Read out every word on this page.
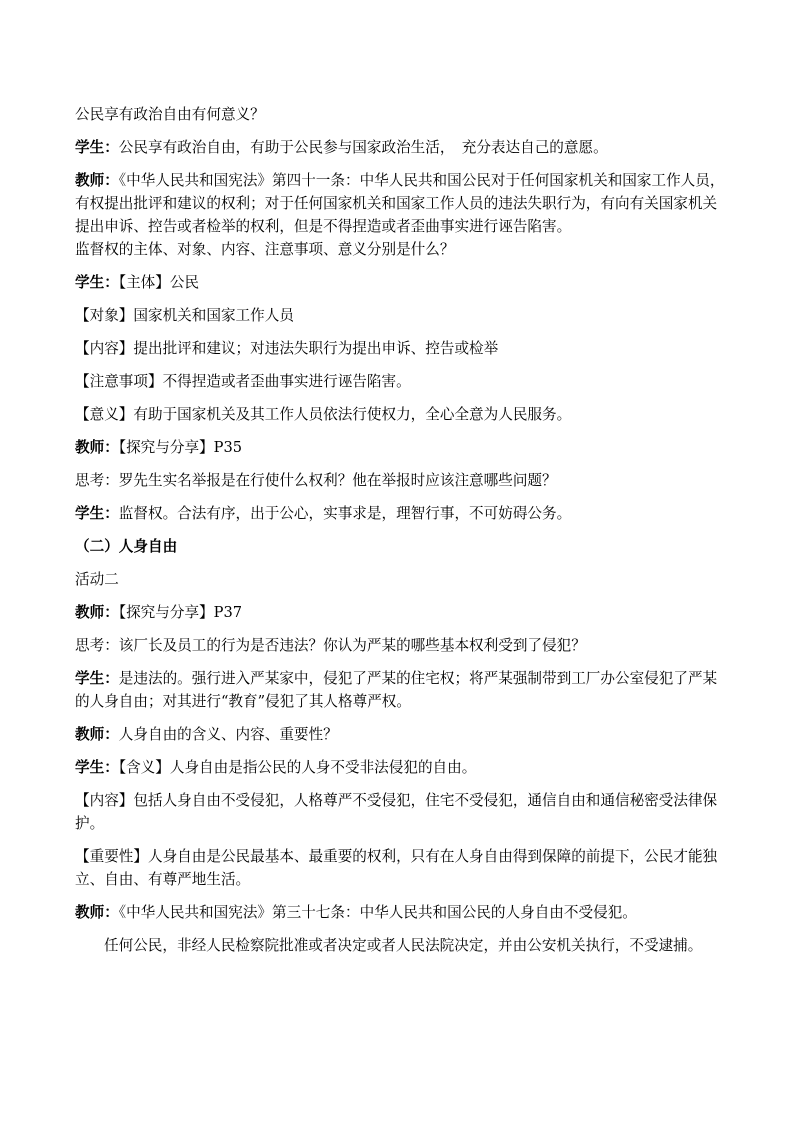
公民享有政治自由有何意义？

学生：公民享有政治自由，有助于公民参与国家政治生活，　充分表达自己的意愿。

教师：《中华人民共和国宪法》第四十一条：中华人民共和国公民对于任何国家机关和国家工作人员，有权提出批评和建议的权利；对于任何国家机关和国家工作人员的违法失职行为，有向有关国家机关提出申诉、控告或者检举的权利，但是不得捏造或者歪曲事实进行诬告陷害。

监督权的主体、对象、内容、注意事项、意义分别是什么？

学生：【主体】公民

【对象】国家机关和国家工作人员

【内容】提出批评和建议；对违法失职行为提出申诉、控告或检举

【注意事项】不得捏造或者歪曲事实进行诬告陷害。

【意义】有助于国家机关及其工作人员依法行使权力，全心全意为人民服务。

教师：【探究与分享】P35

思考：罗先生实名举报是在行使什么权利？他在举报时应该注意哪些问题？

学生：监督权。合法有序，出于公心，实事求是，理智行事，不可妨碍公务。

（二）人身自由

活动二

教师：【探究与分享】P37

思考：该厂长及员工的行为是否违法？你认为严某的哪些基本权利受到了侵犯？

学生：是违法的。强行进入严某家中，侵犯了严某的住宅权；将严某强制带到工厂办公室侵犯了严某的人身自由；对其进行“教育”侵犯了其人格尊严权。

教师：人身自由的含义、内容、重要性？

学生：【含义】人身自由是指公民的人身不受非法侵犯的自由。

【内容】包括人身自由不受侵犯，人格尊严不受侵犯，住宅不受侵犯，通信自由和通信秘密受法律保护。

【重要性】人身自由是公民最基本、最重要的权利，只有在人身自由得到保障的前提下，公民才能独立、自由、有尊严地生活。

教师：《中华人民共和国宪法》第三十七条：中华人民共和国公民的人身自由不受侵犯。

任何公民，非经人民检察院批准或者决定或者人民法院决定，并由公安机关执行，不受逮捕。
